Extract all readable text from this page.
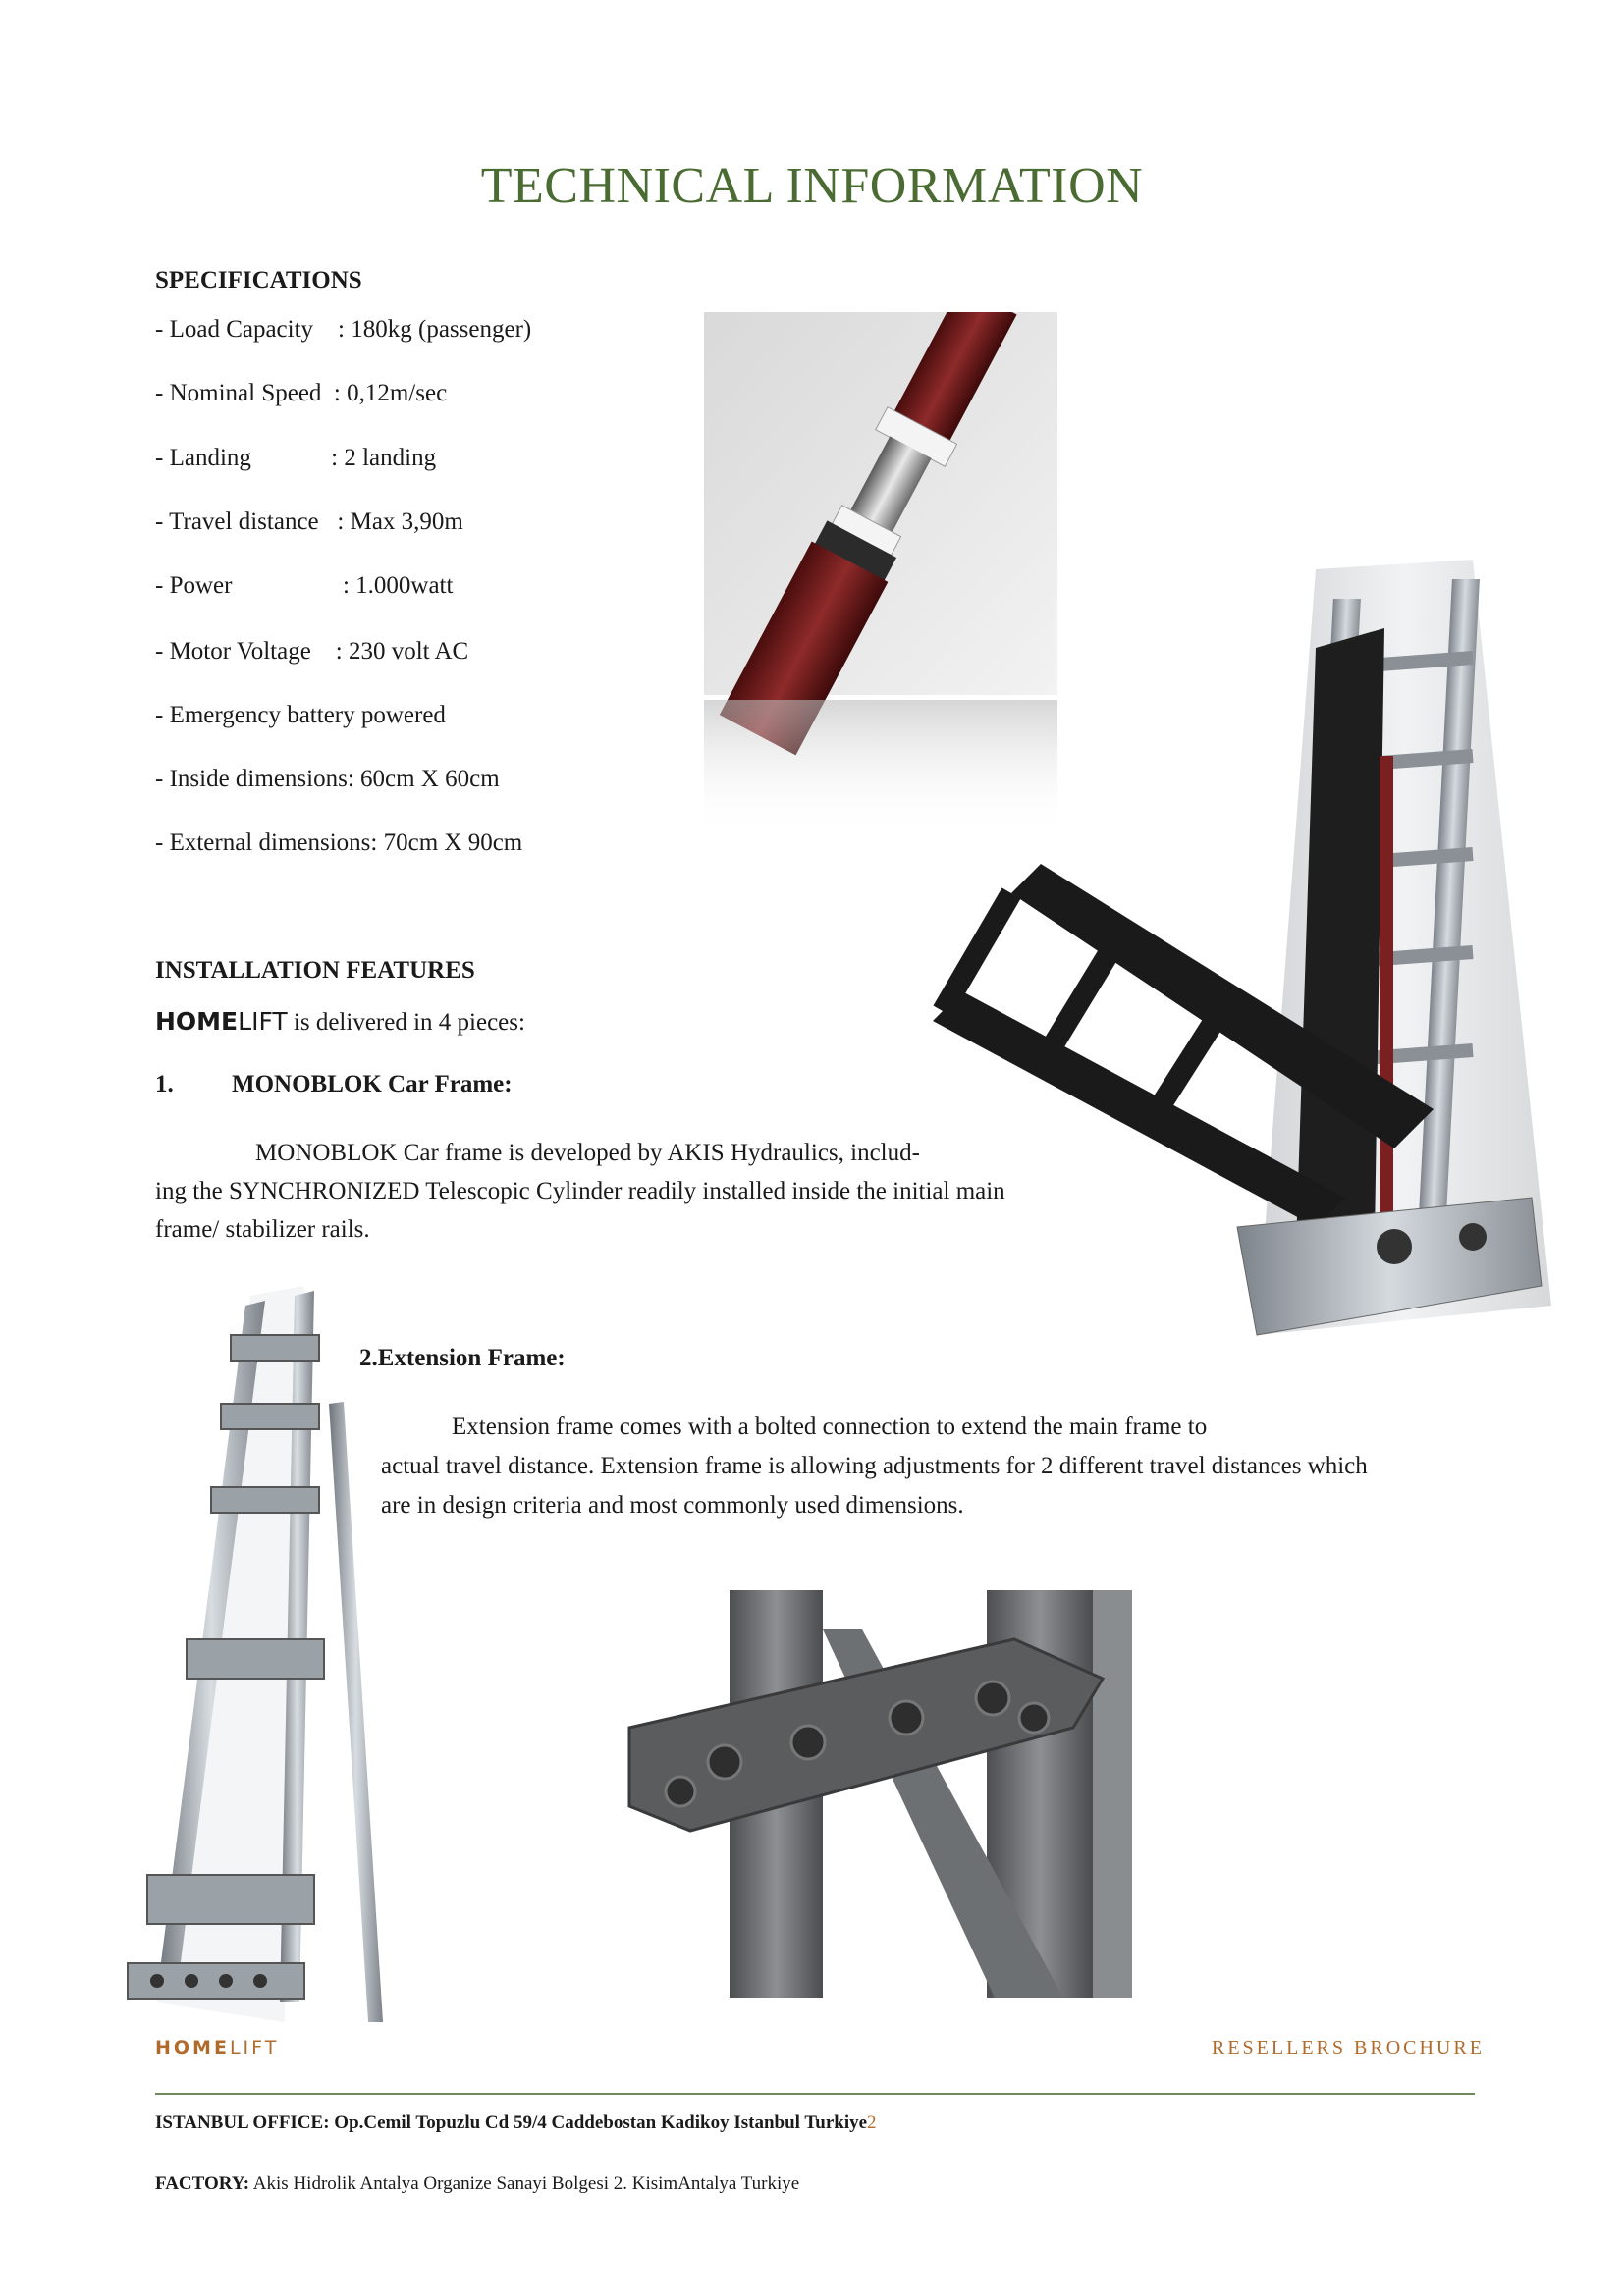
TECHNICAL INFORMATION
SPECIFICATIONS
- Load Capacity    : 180kg (passenger)
- Nominal Speed  : 0,12m/sec
- Landing             : 2 landing
- Travel distance   : Max 3,90m
- Power                  : 1.000watt
- Motor Voltage    : 230 volt AC
- Emergency battery powered
- Inside dimensions: 60cm X 60cm
- External dimensions: 70cm X 90cm
INSTALLATION FEATURES
HOMELIFT is delivered in 4 pieces:
1. MONOBLOK Car Frame:
MONOBLOK Car frame is developed by AKIS Hydraulics, includ-
ing the SYNCHRONIZED Telescopic Cylinder readily installed inside the initial main
frame/ stabilizer rails.
2.Extension Frame:
Extension frame comes with a bolted connection to extend the main frame to
actual travel distance. Extension frame is allowing adjustments for 2 different travel distances which
are in design criteria and most commonly used dimensions.
HOMELIFT	RESELLERS BROCHURE
ISTANBUL OFFICE: Op.Cemil Topuzlu Cd 59/4 Caddebostan Kadikoy Istanbul Turkiye2
FACTORY: Akis Hidrolik Antalya Organize Sanayi Bolgesi 2. KisimAntalya Turkiye
